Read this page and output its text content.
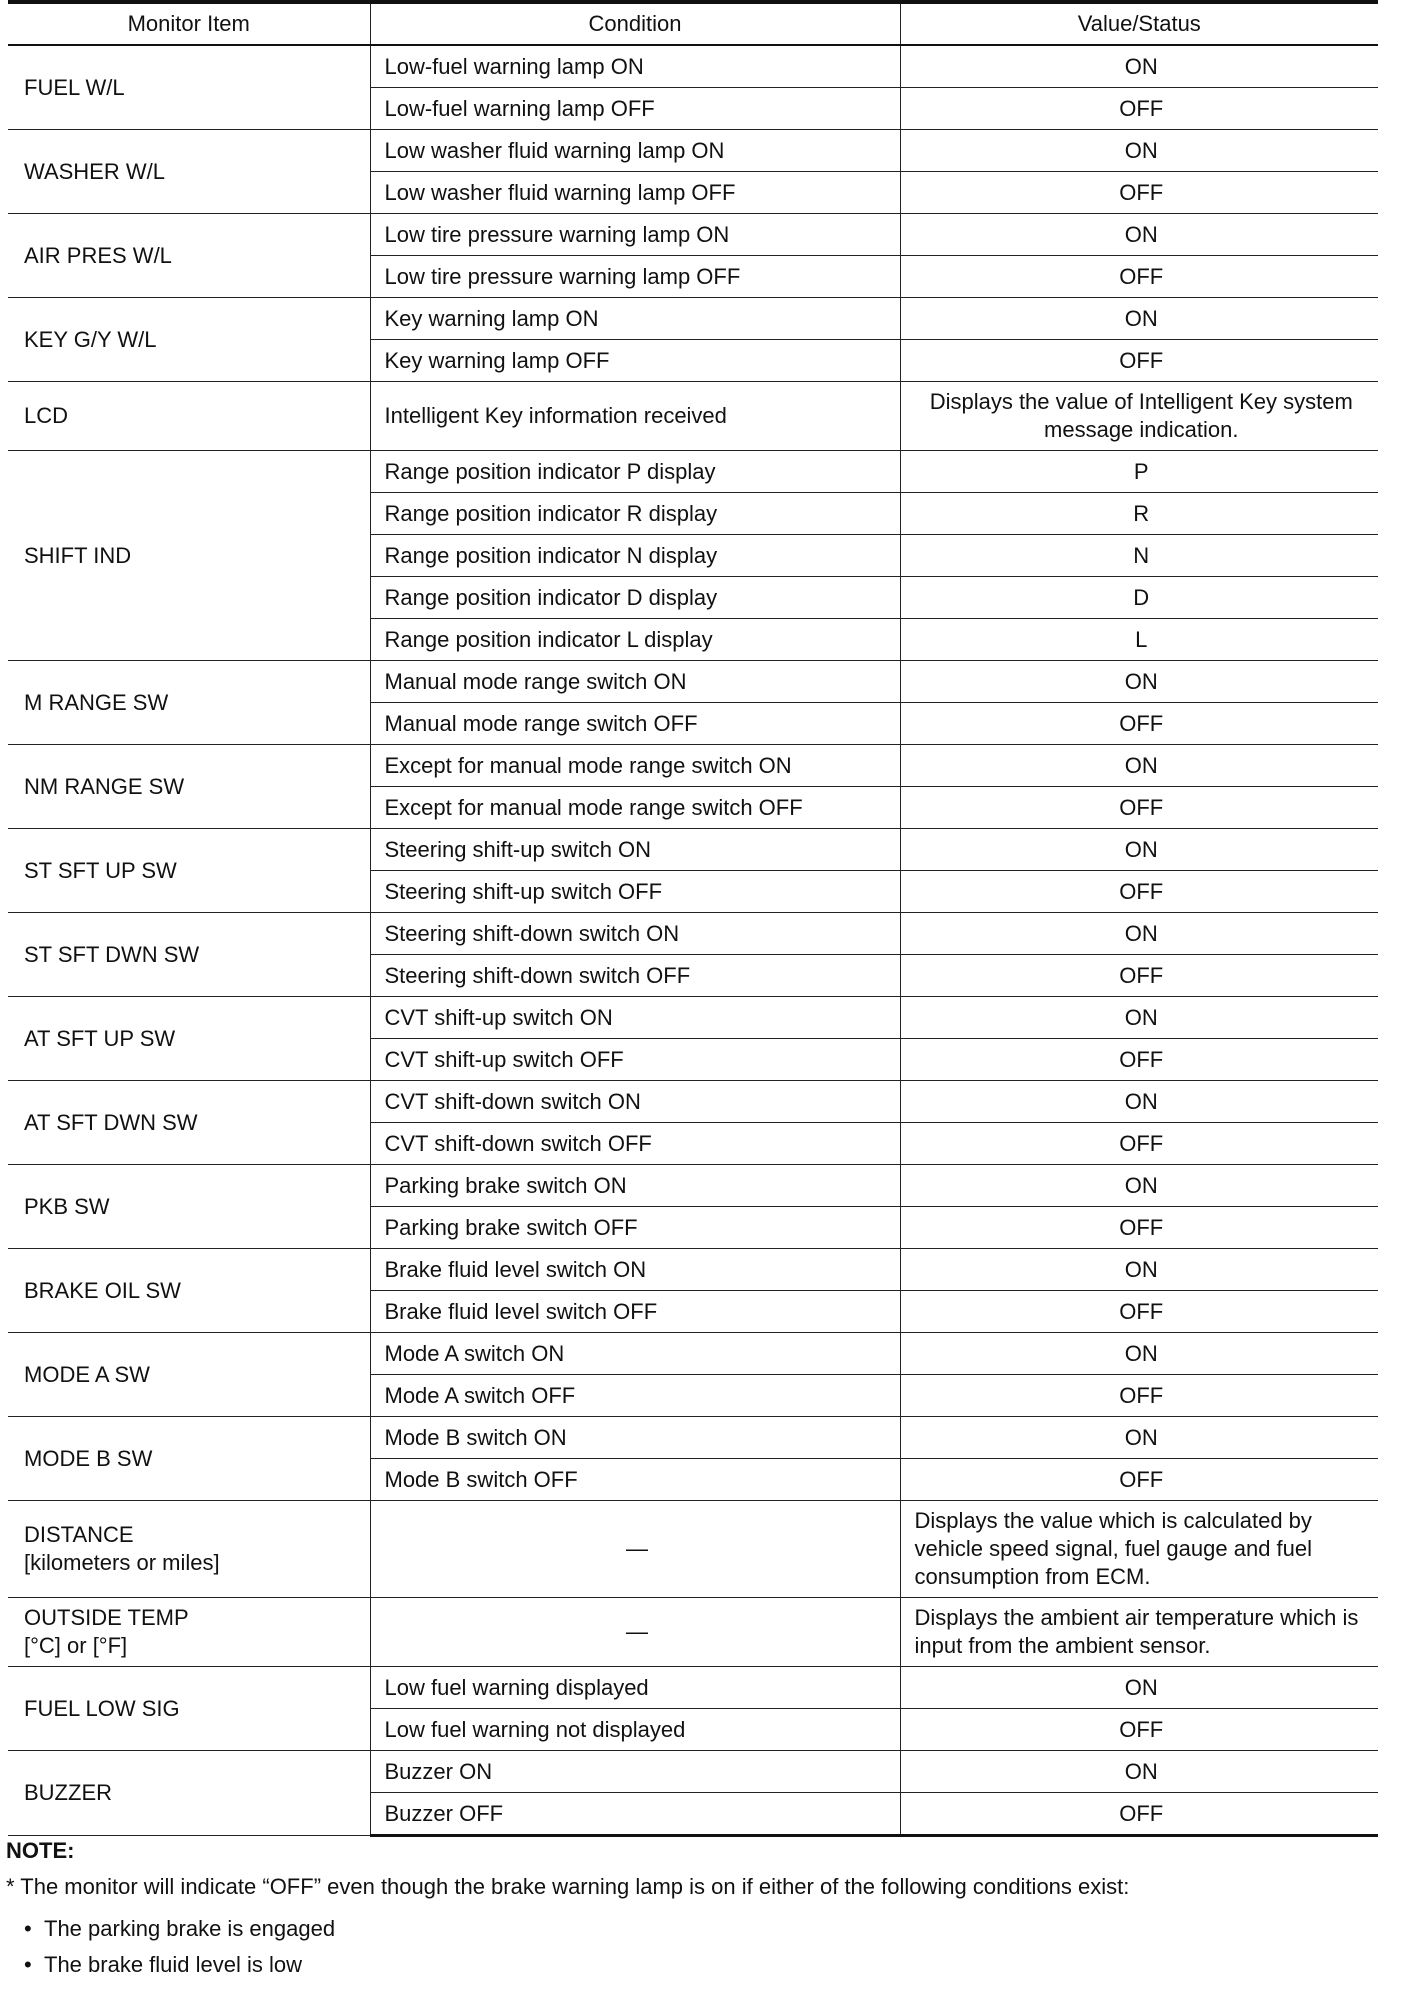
Monitor Item	Condition	Value/Status

FUEL W/L	Low-fuel warning lamp ON	ON
	Low-fuel warning lamp OFF	OFF

WASHER W/L	Low washer fluid warning lamp ON	ON
	Low washer fluid warning lamp OFF	OFF

AIR PRES W/L	Low tire pressure warning lamp ON	ON
	Low tire pressure warning lamp OFF	OFF

KEY G/Y W/L	Key warning lamp ON	ON
	Key warning lamp OFF	OFF

LCD	Intelligent Key information received	Displays the value of Intelligent Key system message indication.

SHIFT IND	Range position indicator P display	P
	Range position indicator R display	R
	Range position indicator N display	N
	Range position indicator D display	D
	Range position indicator L display	L

M RANGE SW	Manual mode range switch ON	ON
	Manual mode range switch OFF	OFF

NM RANGE SW	Except for manual mode range switch ON	ON
	Except for manual mode range switch OFF	OFF

ST SFT UP SW	Steering shift-up switch ON	ON
	Steering shift-up switch OFF	OFF

ST SFT DWN SW	Steering shift-down switch ON	ON
	Steering shift-down switch OFF	OFF

AT SFT UP SW	CVT shift-up switch ON	ON
	CVT shift-up switch OFF	OFF

AT SFT DWN SW	CVT shift-down switch ON	ON
	CVT shift-down switch OFF	OFF

PKB SW	Parking brake switch ON	ON
	Parking brake switch OFF	OFF

BRAKE OIL SW	Brake fluid level switch ON	ON
	Brake fluid level switch OFF	OFF

MODE A SW	Mode A switch ON	ON
	Mode A switch OFF	OFF

MODE B SW	Mode B switch ON	ON
	Mode B switch OFF	OFF

DISTANCE
[kilometers or miles]	—	Displays the value which is calculated by vehicle speed signal, fuel gauge and fuel consumption from ECM.

OUTSIDE TEMP
[°C] or [°F]	—	Displays the ambient air temperature which is input from the ambient sensor.

FUEL LOW SIG	Low fuel warning displayed	ON
	Low fuel warning not displayed	OFF

BUZZER	Buzzer ON	ON
	Buzzer OFF	OFF
NOTE:
* The monitor will indicate “OFF” even though the brake warning lamp is on if either of the following conditions exist:
• The parking brake is engaged
• The brake fluid level is low
